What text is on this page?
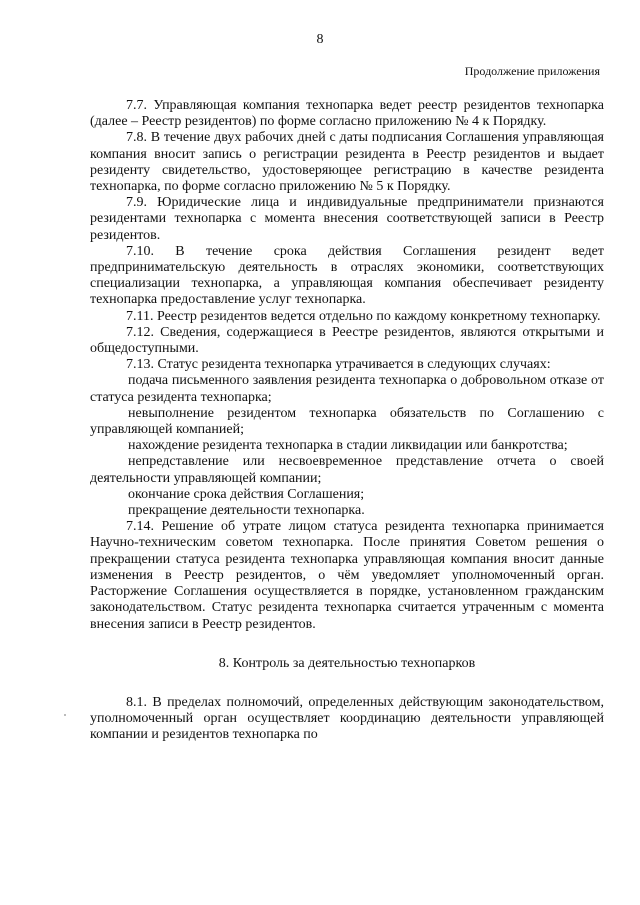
8
Продолжение приложения

7.7. Управляющая компания технопарка ведет реестр резидентов технопарка (далее – Реестр резидентов) по форме согласно приложению № 4 к Порядку.

7.8. В течение двух рабочих дней с даты подписания Соглашения управляющая компания вносит запись о регистрации резидента в Реестр резидентов и выдает резиденту свидетельство, удостоверяющее регистрацию в качестве резидента технопарка, по форме согласно приложению № 5 к Порядку.

7.9. Юридические лица и индивидуальные предприниматели признаются резидентами технопарка с момента внесения соответствующей записи в Реестр резидентов.

7.10. В течение срока действия Соглашения резидент ведет предпринимательскую деятельность в отраслях экономики, соответствующих специализации технопарка, а управляющая компания обеспечивает резиденту технопарка предоставление услуг технопарка.

7.11. Реестр резидентов ведется отдельно по каждому конкретному технопарку.

7.12. Сведения, содержащиеся в Реестре резидентов, являются открытыми и общедоступными.

7.13. Статус резидента технопарка утрачивается в следующих случаях:

подача письменного заявления резидента технопарка о добровольном отказе от статуса резидента технопарка;

невыполнение резидентом технопарка обязательств по Соглашению с управляющей компанией;

нахождение резидента технопарка в стадии ликвидации или банкротства;

непредставление или несвоевременное представление отчета о своей деятельности управляющей компании;

окончание срока действия Соглашения;

прекращение деятельности технопарка.

7.14. Решение об утрате лицом статуса резидента технопарка принимается Научно-техническим советом технопарка. После принятия Советом решения о прекращении статуса резидента технопарка управляющая компания вносит данные изменения в Реестр резидентов, о чём уведомляет уполномоченный орган. Расторжение Соглашения осуществляется в порядке, установленном гражданским законодательством. Статус резидента технопарка считается утраченным с момента внесения записи в Реестр резидентов.

8. Контроль за деятельностью технопарков

8.1. В пределах полномочий, определенных действующим законодательством, уполномоченный орган осуществляет координацию деятельности управляющей компании и резидентов технопарка по
